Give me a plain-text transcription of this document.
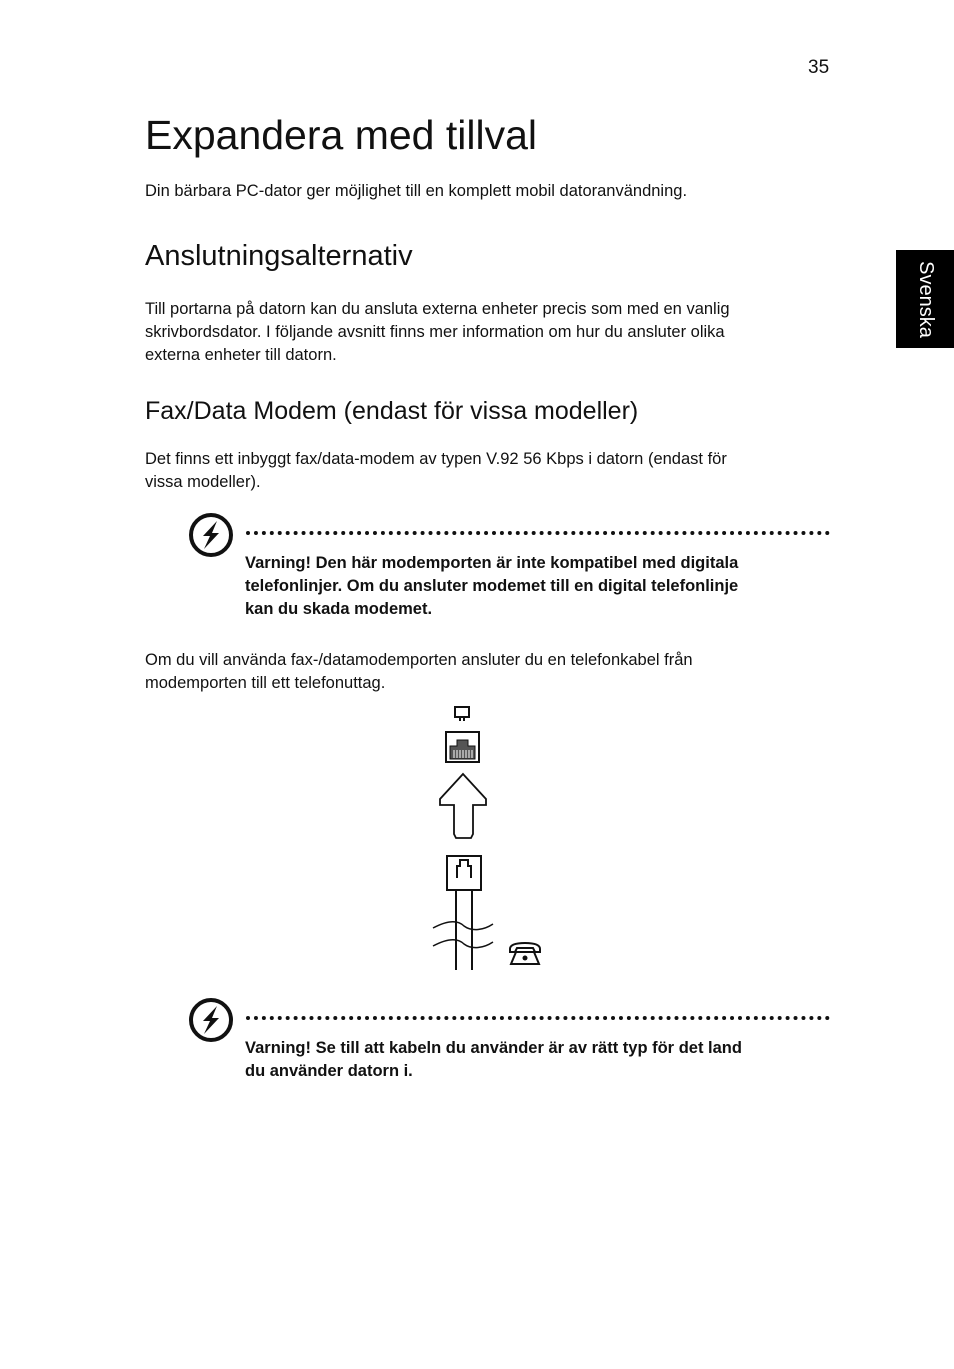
35
Svenska
Expandera med tillval

Din bärbara PC-dator ger möjlighet till en komplett mobil datoranvändning.

Anslutningsalternativ

Till portarna på datorn kan du ansluta externa enheter precis som med en vanlig
skrivbordsdator. I följande avsnitt finns mer information om hur du ansluter olika
externa enheter till datorn.

Fax/Data Modem (endast för vissa modeller)

Det finns ett inbyggt fax/data-modem av typen V.92 56 Kbps i datorn (endast för
vissa modeller).

Varning! Den här modemporten är inte kompatibel med digitala
telefonlinjer. Om du ansluter modemet till en digital telefonlinje
kan du skada modemet.

Om du vill använda fax-/datamodemporten ansluter du en telefonkabel från
modemporten till ett telefonuttag.

Varning! Se till att kabeln du använder är av rätt typ för det land
du använder datorn i.
